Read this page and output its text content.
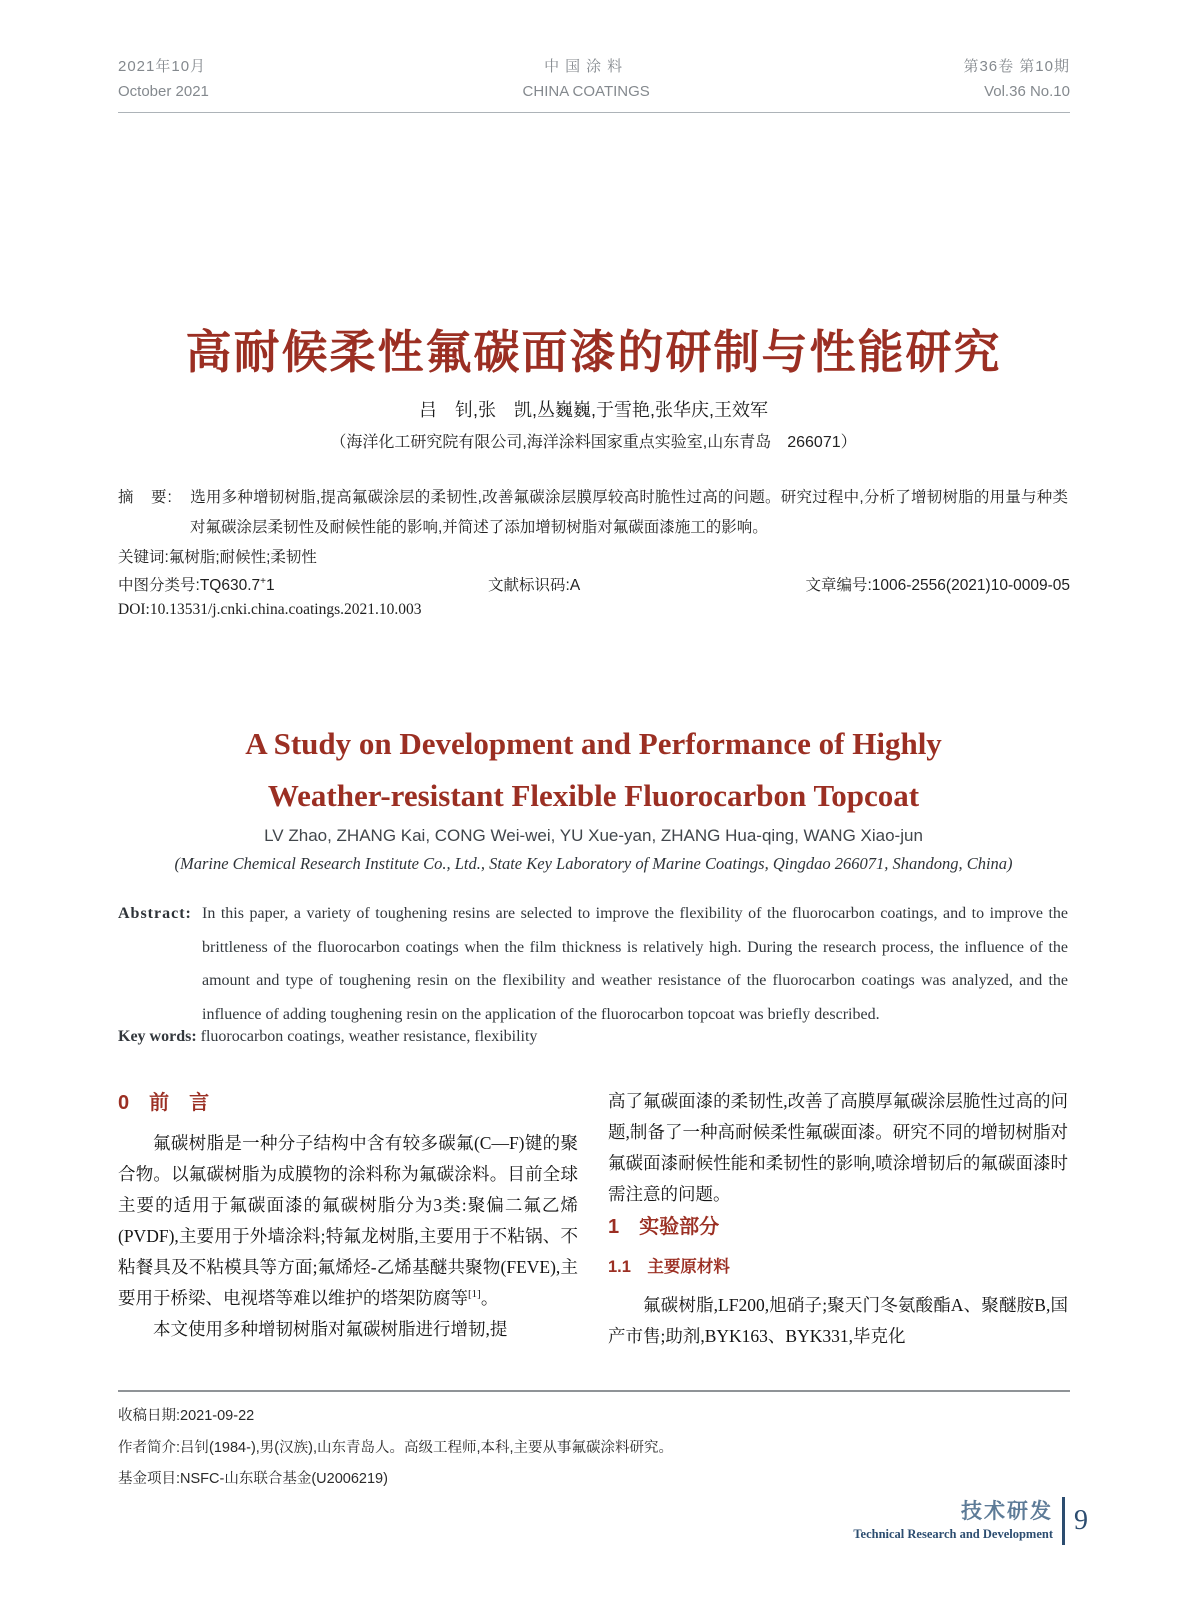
2021年10月
October 2021
中国涂料
CHINA COATINGS
第36卷 第10期
Vol.36 No.10
高耐候柔性氟碳面漆的研制与性能研究
吕　钊,张　凯,丛巍巍,于雪艳,张华庆,王效军
（海洋化工研究院有限公司,海洋涂料国家重点实验室,山东青岛　266071）

摘　要: 选用多种增韧树脂,提高氟碳涂层的柔韧性,改善氟碳涂层膜厚较高时脆性过高的问题。研究过程中,分析了增韧树脂的用量与种类对氟碳涂层柔韧性及耐候性能的影响,并简述了添加增韧树脂对氟碳面漆施工的影响。

关键词:氟树脂;耐候性;柔韧性

中图分类号:TQ630.7+1	文献标识码:A	文章编号:1006-2556(2021)10-0009-05
DOI:10.13531/j.cnki.china.coatings.2021.10.003
A Study on Development and Performance of Highly
Weather-resistant Flexible Fluorocarbon Topcoat
LV Zhao, ZHANG Kai, CONG Wei-wei, YU Xue-yan, ZHANG Hua-qing, WANG Xiao-jun
(Marine Chemical Research Institute Co., Ltd., State Key Laboratory of Marine Coatings, Qingdao 266071, Shandong, China)

Abstract: In this paper, a variety of toughening resins are selected to improve the flexibility of the fluorocarbon coatings, and to improve the brittleness of the fluorocarbon coatings when the film thickness is relatively high. During the research process, the influence of the amount and type of toughening resin on the flexibility and weather resistance of the fluorocarbon coatings was analyzed, and the influence of adding toughening resin on the application of the fluorocarbon topcoat was briefly described.

Key words: fluorocarbon coatings, weather resistance, flexibility

0　前　言

氟碳树脂是一种分子结构中含有较多碳氟(C—F)键的聚合物。以氟碳树脂为成膜物的涂料称为氟碳涂料。目前全球主要的适用于氟碳面漆的氟碳树脂分为3类:聚偏二氟乙烯(PVDF),主要用于外墙涂料;特氟龙树脂,主要用于不粘锅、不粘餐具及不粘模具等方面;氟烯烃-乙烯基醚共聚物(FEVE),主要用于桥梁、电视塔等难以维护的塔架防腐等[1]。

本文使用多种增韧树脂对氟碳树脂进行增韧,提

高了氟碳面漆的柔韧性,改善了高膜厚氟碳涂层脆性过高的问题,制备了一种高耐候柔性氟碳面漆。研究不同的增韧树脂对氟碳面漆耐候性能和柔韧性的影响,喷涂增韧后的氟碳面漆时需注意的问题。

1　实验部分
1.1　主要原材料

氟碳树脂,LF200,旭硝子;聚天门冬氨酸酯A、聚醚胺B,国产市售;助剂,BYK163、BYK331,毕克化

收稿日期:2021-09-22
作者简介:吕钊(1984-),男(汉族),山东青岛人。高级工程师,本科,主要从事氟碳涂料研究。
基金项目:NSFC-山东联合基金(U2006219)
技术研发
Technical Research and Development 9
